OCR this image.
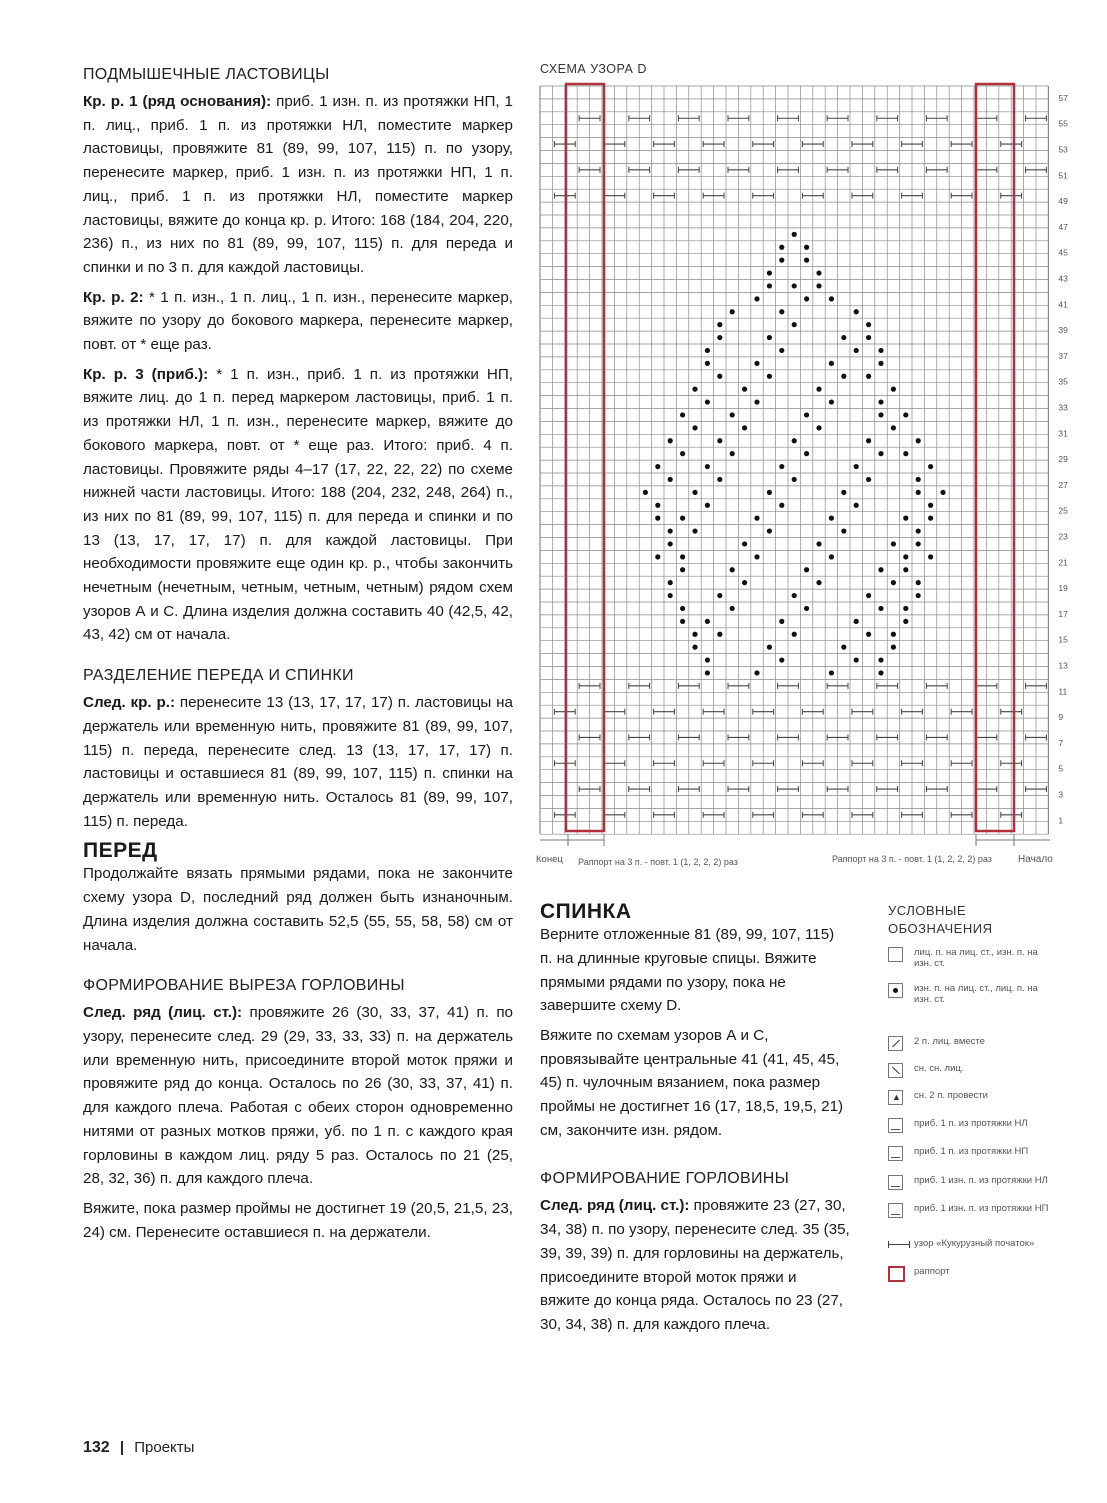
ПОДМЫШЕЧНЫЕ ЛАСТОВИЦЫ

Кр. р. 1 (ряд основания): приб. 1 изн. п. из протяжки НП, 1 п. лиц., приб. 1 п. из протяжки НЛ, поместите маркер ластовицы, провяжите 81 (89, 99, 107, 115) п. по узору, перенесите маркер, приб. 1 изн. п. из протяжки НП, 1 п. лиц., приб. 1 п. из протяжки НЛ, поместите маркер ластовицы, вяжите до конца кр. р. Итого: 168 (184, 204, 220, 236) п., из них по 81 (89, 99, 107, 115) п. для переда и спинки и по 3 п. для каждой ластовицы.

Кр. р. 2: * 1 п. изн., 1 п. лиц., 1 п. изн., перенесите маркер, вяжите по узору до бокового маркера, перенесите маркер, повт. от * еще раз.

Кр. р. 3 (приб.): * 1 п. изн., приб. 1 п. из протяжки НП, вяжите лиц. до 1 п. перед маркером ластовицы, приб. 1 п. из протяжки НЛ, 1 п. изн., перенесите маркер, вяжите до бокового маркера, повт. от * еще раз. Итого: приб. 4 п. ластовицы. Провяжите ряды 4–17 (17, 22, 22, 22) по схеме нижней части ластовицы. Итого: 188 (204, 232, 248, 264) п., из них по 81 (89, 99, 107, 115) п. для переда и спинки и по 13 (13, 17, 17, 17) п. для каждой ластовицы. При необходимости провяжите еще один кр. р., чтобы закончить нечетным (нечетным, четным, четным, четным) рядом схем узоров А и С. Длина изделия должна составить 40 (42,5, 42, 43, 42) см от начала.

РАЗДЕЛЕНИЕ ПЕРЕДА И СПИНКИ

След. кр. р.: перенесите 13 (13, 17, 17, 17) п. ластовицы на держатель или временную нить, провяжите 81 (89, 99, 107, 115) п. переда, перенесите след. 13 (13, 17, 17, 17) п. ластовицы и оставшиеся 81 (89, 99, 107, 115) п. спинки на держатель или временную нить. Осталось 81 (89, 99, 107, 115) п. переда.

ПЕРЕД

Продолжайте вязать прямыми рядами, пока не закончите схему узора D, последний ряд должен быть изнаночным. Длина изделия должна составить 52,5 (55, 55, 58, 58) см от начала.

ФОРМИРОВАНИЕ ВЫРЕЗА ГОРЛОВИНЫ

След. ряд (лиц. ст.): провяжите 26 (30, 33, 37, 41) п. по узору, перенесите след. 29 (29, 33, 33, 33) п. на держатель или временную нить, присоедините второй моток пряжи и провяжите ряд до конца. Осталось по 26 (30, 33, 37, 41) п. для каждого плеча. Работая с обеих сторон одновременно нитями от разных мотков пряжи, уб. по 1 п. с каждого края горловины в каждом лиц. ряду 5 раз. Осталось по 21 (25, 28, 32, 36) п. для каждого плеча.

Вяжите, пока размер проймы не достигнет 19 (20,5, 21,5, 23, 24) см. Перенесите оставшиеся п. на держатели.

СХЕМА УЗОРА D
57
55
53
51
49
47
45
43
41
39
37
35
33
31
29
27
25
23
21
19
17
15
13
11
9
7
5
3
1
Конец Раппорт на 3 п. - повт. 1 (1, 2, 2, 2) раз	Раппорт на 3 п. - повт. 1 (1, 2, 2, 2) раз	Начало
СПИНКА

Верните отложенные 81 (89, 99, 107, 115) п. на длинные круговые спицы. Вяжите прямыми рядами по узору, пока не завершите схему D.

Вяжите по схемам узоров А и С, провязывайте центральные 41 (41, 45, 45, 45) п. чулочным вязанием, пока размер проймы не достигнет 16 (17, 18,5, 19,5, 21) см, закончите изн. рядом.

ФОРМИРОВАНИЕ ГОРЛОВИНЫ

След. ряд (лиц. ст.): провяжите 23 (27, 30, 34, 38) п. по узору, перенесите след. 35 (35, 39, 39, 39) п. для горловины на держатель, присоедините второй моток пряжи и вяжите до конца ряда. Осталось по 23 (27, 30, 34, 38) п. для каждого плеча.

УСЛОВНЫЕ ОБОЗНАЧЕНИЯ
лиц. п. на лиц. ст., изн. п. на изн. ст.
изн. п. на лиц. ст., лиц. п. на изн. ст.
2 п. лиц. вместе
сн. сн. лиц.
▲ сн. 2 п. провести
приб. 1 п. из протяжки НЛ
приб. 1 п. из протяжки НП
приб. 1 изн. п. из протяжки НЛ
приб. 1 изн. п. из протяжки НП
узор «Кукурузный початок»
раппорт
132 | Проекты
